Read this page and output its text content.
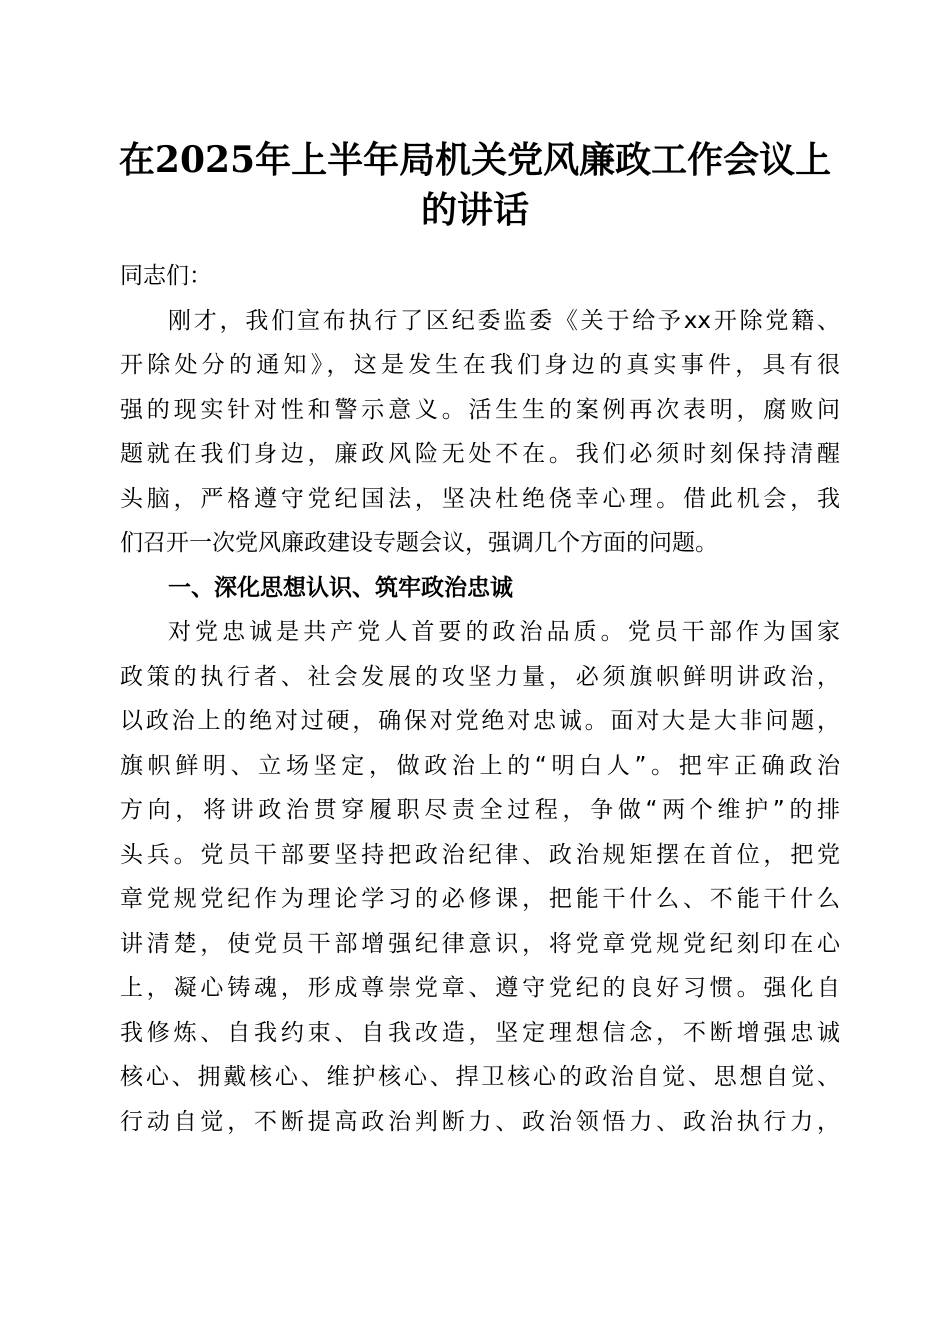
在2025年上半年局机关党风廉政工作会议上
的讲话
同志们：
刚才，我们宣布执行了区纪委监委《关于给予xx开除党籍、
开除处分的通知》，这是发生在我们身边的真实事件，具有很
强的现实针对性和警示意义。活生生的案例再次表明，腐败问
题就在我们身边，廉政风险无处不在。我们必须时刻保持清醒
头脑，严格遵守党纪国法，坚决杜绝侥幸心理。借此机会，我
们召开一次党风廉政建设专题会议，强调几个方面的问题。
一、深化思想认识、筑牢政治忠诚
对党忠诚是共产党人首要的政治品质。党员干部作为国家
政策的执行者、社会发展的攻坚力量，必须旗帜鲜明讲政治，
以政治上的绝对过硬，确保对党绝对忠诚。面对大是大非问题，
旗帜鲜明、立场坚定，做政治上的“明白人”。把牢正确政治
方向，将讲政治贯穿履职尽责全过程，争做“两个维护”的排
头兵。党员干部要坚持把政治纪律、政治规矩摆在首位，把党
章党规党纪作为理论学习的必修课，把能干什么、不能干什么
讲清楚，使党员干部增强纪律意识，将党章党规党纪刻印在心
上，凝心铸魂，形成尊崇党章、遵守党纪的良好习惯。强化自
我修炼、自我约束、自我改造，坚定理想信念，不断增强忠诚
核心、拥戴核心、维护核心、捍卫核心的政治自觉、思想自觉、
行动自觉，不断提高政治判断力、政治领悟力、政治执行力，
